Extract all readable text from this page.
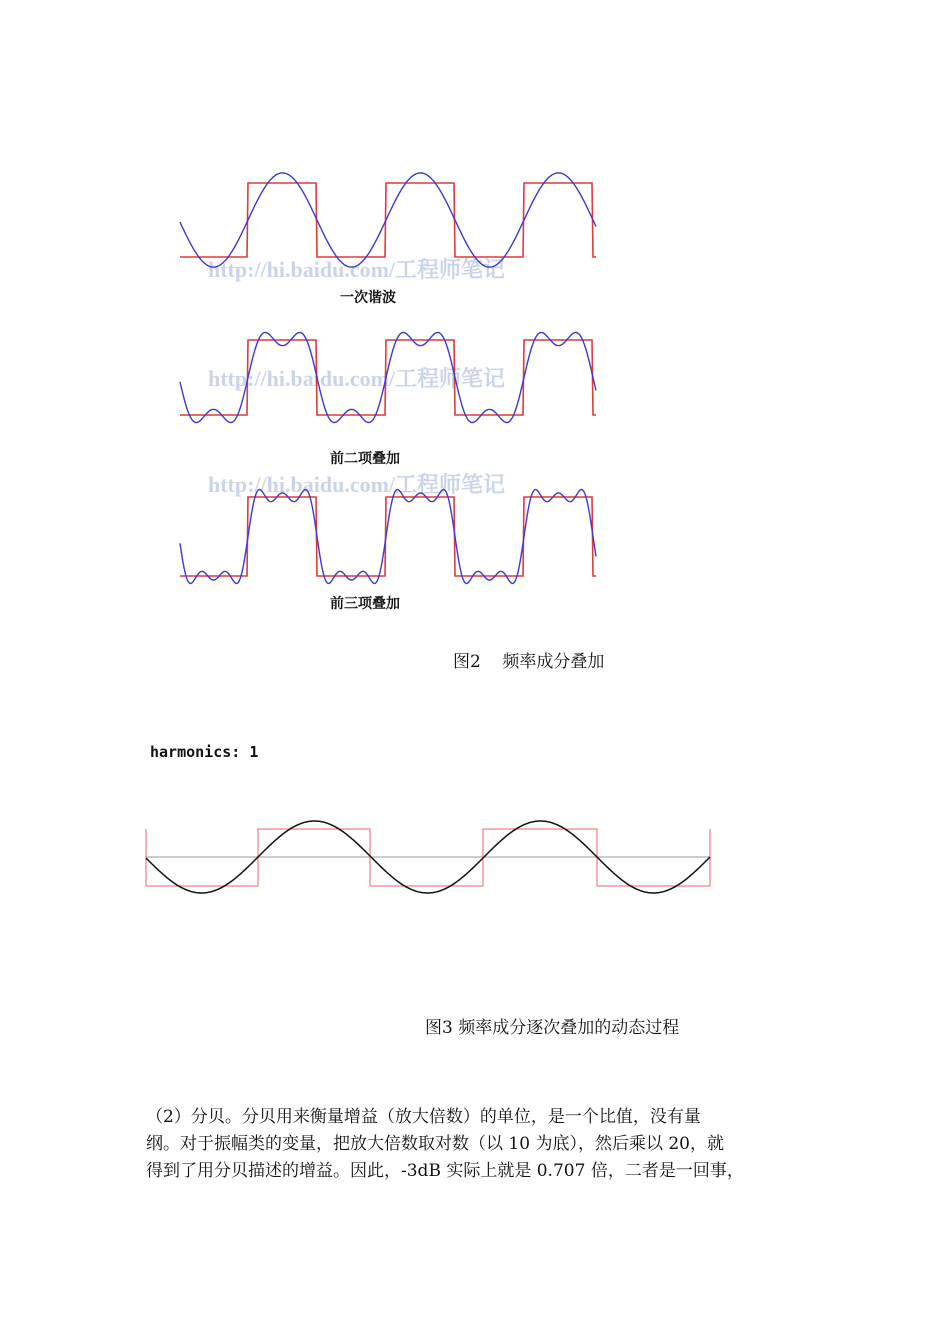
http://hi.baidu.com/工程师笔记
http://hi.baidu.com/工程师笔记
http://hi.baidu.com/工程师笔记
一次谐波
前二项叠加
前三项叠加
图2    频率成分叠加
harmonics: 1
图3 频率成分逐次叠加的动态过程
（2）分贝。分贝用来衡量增益（放大倍数）的单位，是一个比值，没有量
纲。对于振幅类的变量，把放大倍数取对数（以 10 为底），然后乘以 20，就
得到了用分贝描述的增益。因此，-3dB 实际上就是 0.707 倍，二者是一回事，
